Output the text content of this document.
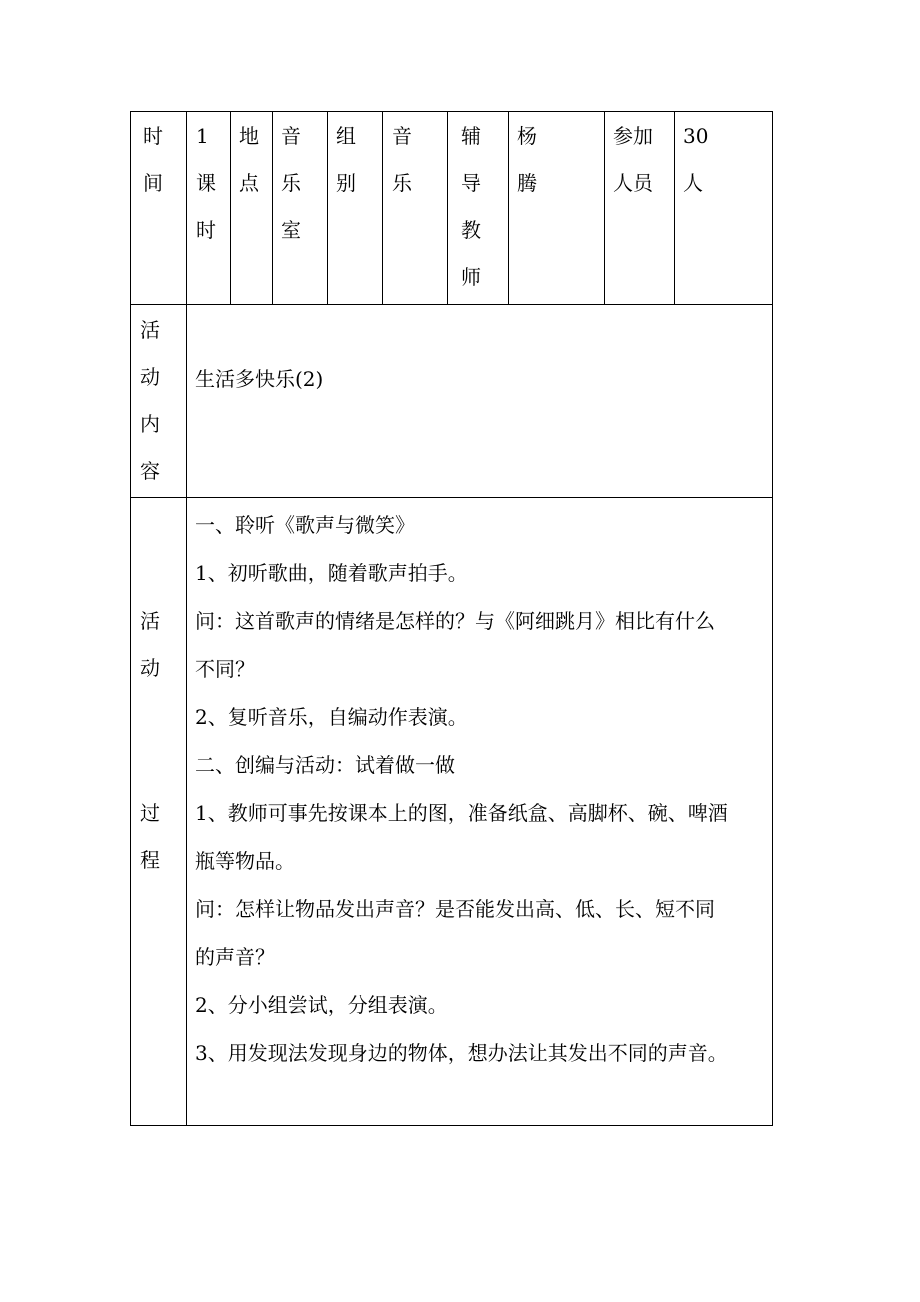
时间
1课时
地点
音乐室
组别
音乐
辅导教师
杨腾
参加人员
30人
活动内容
生活多快乐(2)
活动
过程
一、聆听《歌声与微笑》
1、初听歌曲，随着歌声拍手。
问：这首歌声的情绪是怎样的？与《阿细跳月》相比有什么
不同？
2、复听音乐，自编动作表演。
二、创编与活动：试着做一做
1、教师可事先按课本上的图，准备纸盒、高脚杯、碗、啤酒
瓶等物品。
问：怎样让物品发出声音？是否能发出高、低、长、短不同
的声音？
2、分小组尝试，分组表演。
3、用发现法发现身边的物体，想办法让其发出不同的声音。
